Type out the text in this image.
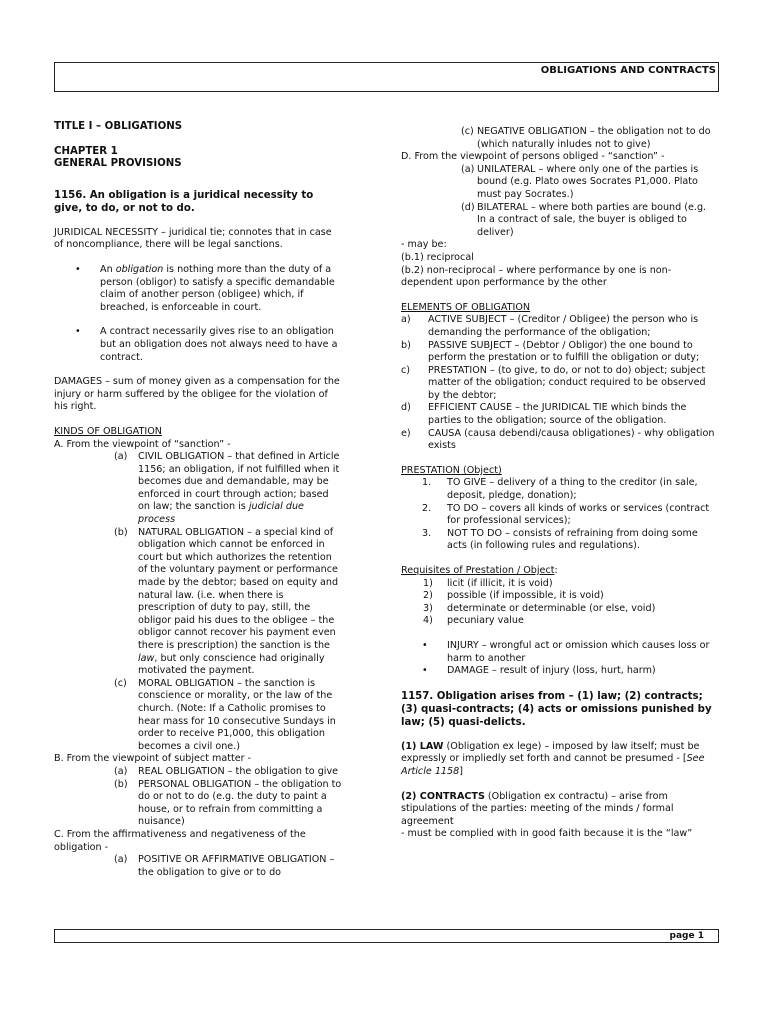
OBLIGATIONS AND CONTRACTS

TITLE I – OBLIGATIONS

CHAPTER 1

GENERAL PROVISIONS

1156. An obligation is a juridical necessity to give, to do, or not to do.

JURIDICAL NECESSITY – juridical tie; connotes that in case of noncompliance, there will be legal sanctions.

• An obligation is nothing more than the duty of a person (obligor) to satisfy a specific demandable claim of another person (obligee) which, if breached, is enforceable in court.

• A contract necessarily gives rise to an obligation but an obligation does not always need to have a contract.

DAMAGES – sum of money given as a compensation for the injury or harm suffered by the obligee for the violation of his right.

KINDS OF OBLIGATION

A. From the viewpoint of “sanction” -

(a) CIVIL OBLIGATION – that defined in Article 1156; an obligation, if not fulfilled when it becomes due and demandable, may be enforced in court through action; based on law; the sanction is judicial due process
(b) NATURAL OBLIGATION – a special kind of obligation which cannot be enforced in court but which authorizes the retention of the voluntary payment or performance made by the debtor; based on equity and natural law. (i.e. when there is prescription of duty to pay, still, the obligor paid his dues to the obligee – the obligor cannot recover his payment even there is prescription) the sanction is the law, but only conscience had originally motivated the payment.
(c) MORAL OBLIGATION – the sanction is conscience or morality, or the law of the church. (Note: If a Catholic promises to hear mass for 10 consecutive Sundays in order to receive P1,000, this obligation becomes a civil one.)

B. From the viewpoint of subject matter -

(a) REAL OBLIGATION – the obligation to give
(b) PERSONAL OBLIGATION – the obligation to do or not to do (e.g. the duty to paint a house, or to refrain from committing a nuisance)

C. From the affirmativeness and negativeness of the obligation -

(a) POSITIVE OR AFFIRMATIVE OBLIGATION – the obligation to give or to do
(c) NEGATIVE OBLIGATION – the obligation not to do (which naturally inludes not to give)

D. From the viewpoint of persons obliged - “sanction” -

(a) UNILATERAL – where only one of the parties is bound (e.g. Plato owes Socrates P1,000. Plato must pay Socrates.)
(d) BILATERAL – where both parties are bound (e.g. In a contract of sale, the buyer is obliged to deliver)

- may be:

(b.1) reciprocal

(b.2) non-reciprocal – where performance by one is non-dependent upon performance by the other

ELEMENTS OF OBLIGATION

a) ACTIVE SUBJECT – (Creditor / Obligee) the person who is demanding the performance of the obligation;
b) PASSIVE SUBJECT – (Debtor / Obligor) the one bound to perform the prestation or to fulfill the obligation or duty;
c) PRESTATION – (to give, to do, or not to do) object; subject matter of the obligation; conduct required to be observed by the debtor;
d) EFFICIENT CAUSE – the JURIDICAL TIE which binds the parties to the obligation; source of the obligation.
e) CAUSA (causa debendi/causa obligationes) - why obligation exists

PRESTATION (Object)

1. TO GIVE – delivery of a thing to the creditor (in sale, deposit, pledge, donation);
2. TO DO – covers all kinds of works or services (contract for professional services);
3. NOT TO DO – consists of refraining from doing some acts (in following rules and regulations).

Requisites of Prestation / Object:

1) licit (if illicit, it is void)
2) possible (if impossible, it is void)
3) determinate or determinable (or else, void)
4) pecuniary value

• INJURY – wrongful act or omission which causes loss or harm to another

• DAMAGE – result of injury (loss, hurt, harm)

1157. Obligation arises from – (1) law; (2) contracts; (3) quasi-contracts; (4) acts or omissions punished by law; (5) quasi-delicts.

(1) LAW (Obligation ex lege) – imposed by law itself; must be expressly or impliedly set forth and cannot be presumed - [See Article 1158]

(2) CONTRACTS (Obligation ex contractu) – arise from stipulations of the parties: meeting of the minds / formal agreement

- must be complied with in good faith because it is the “law”

page 1
